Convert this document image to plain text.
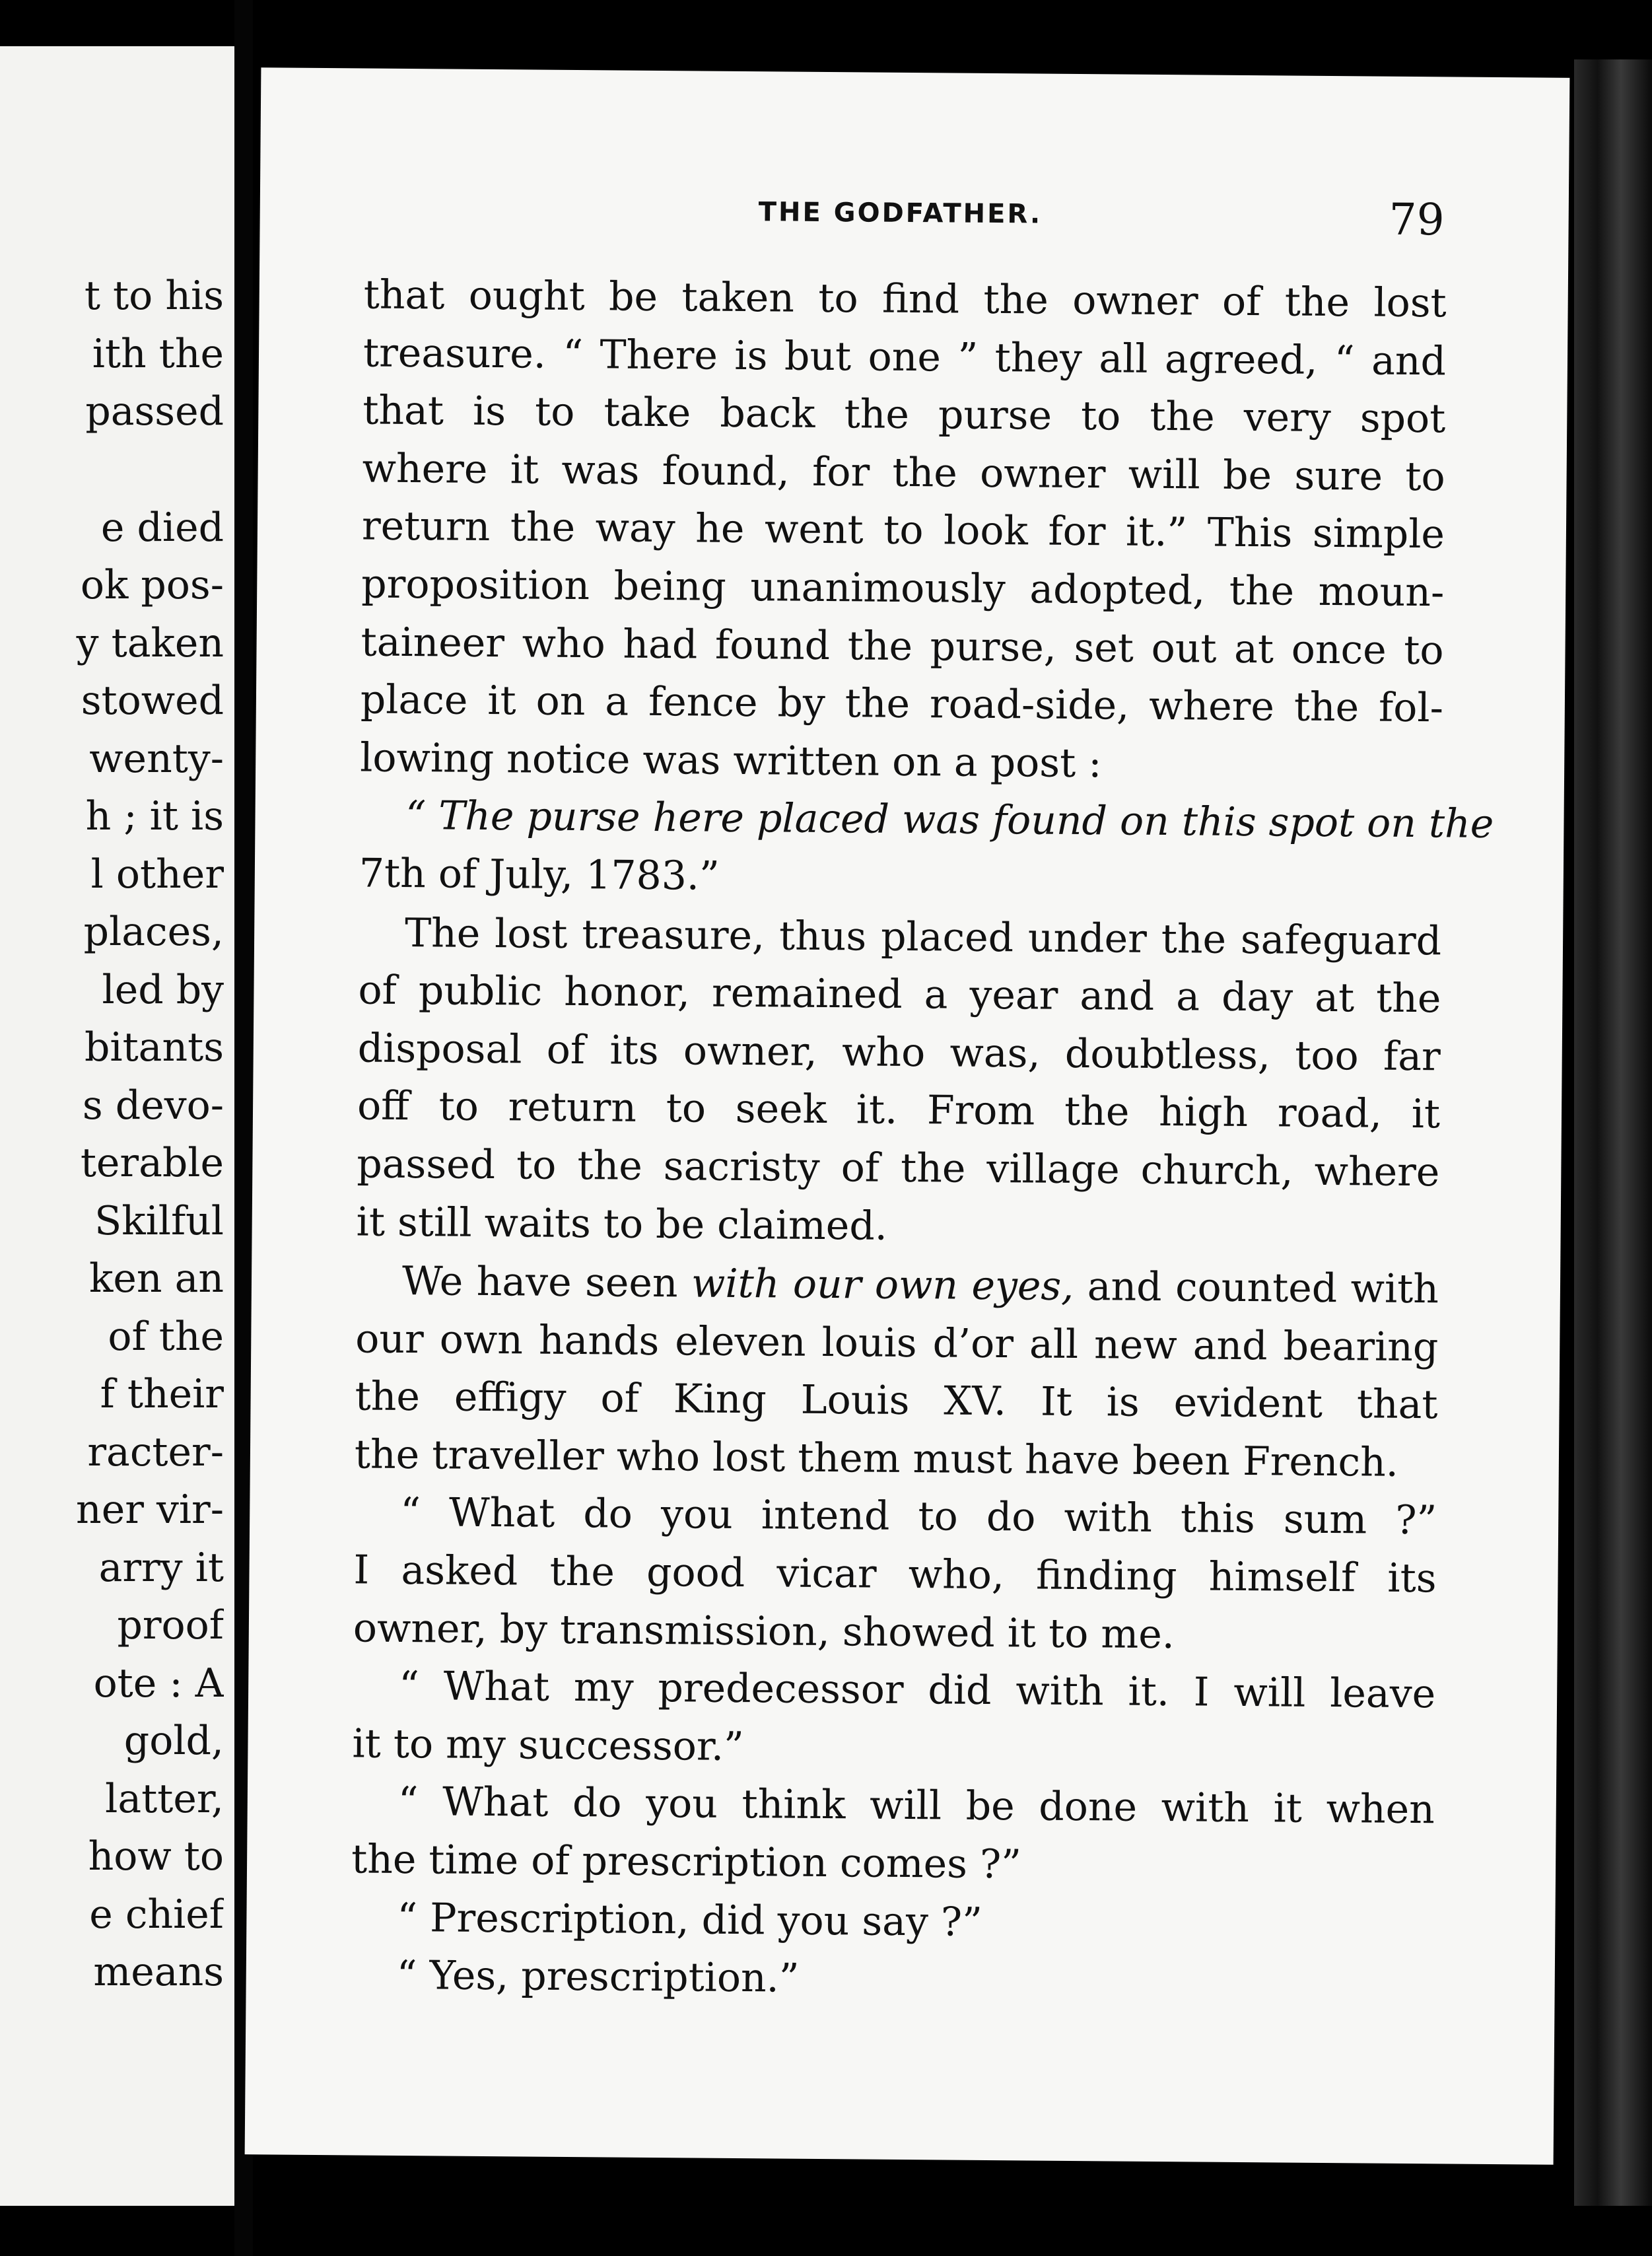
t to his
ith the
passed
e died
ok pos-
y taken
stowed
wenty-
h ; it is
l other
places,
led by
bitants
s devo-
terable
Skilful
ken an
of the
f their
racter-
ner vir-
arry it
proof
ote : A
gold,
latter,
how to
e chief
means
THE GODFATHER.	79
that ought be taken to find the owner of the lost
treasure. “ There is but one ” they all agreed, “ and
that is to take back the purse to the very spot
where it was found, for the owner will be sure to
return the way he went to look for it.” This simple
proposition being unanimously adopted, the moun-
taineer who had found the purse, set out at once to
place it on a fence by the road-side, where the fol-
lowing notice was written on a post :
“ The purse here placed was found on this spot on the
7th of July, 1783.”
The lost treasure, thus placed under the safeguard
of public honor, remained a year and a day at the
disposal of its owner, who was, doubtless, too far
off to return to seek it. From the high road, it
passed to the sacristy of the village church, where
it still waits to be claimed.
We have seen with our own eyes, and counted with
our own hands eleven louis d’or all new and bearing
the effigy of King Louis XV. It is evident that
the traveller who lost them must have been French.
“ What do you intend to do with this sum ?”
I asked the good vicar who, finding himself its
owner, by transmission, showed it to me.
“ What my predecessor did with it. I will leave
it to my successor.”
“ What do you think will be done with it when
the time of prescription comes ?”
“ Prescription, did you say ?”
“ Yes, prescription.”
